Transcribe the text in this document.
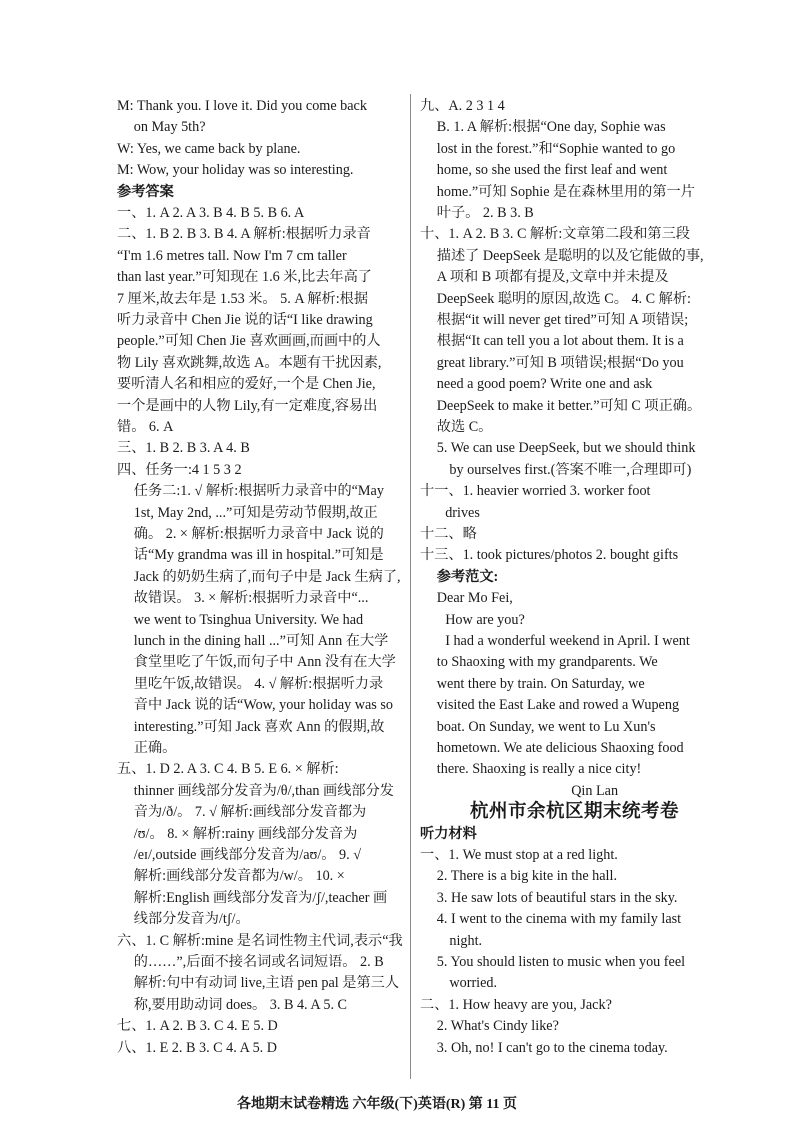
M: Thank you. I love it. Did you come back
on May 5th?
W: Yes, we came back by plane.
M: Wow, your holiday was so interesting.
参考答案
一、1. A 2. A 3. B 4. B 5. B 6. A
二、1. B 2. B 3. B 4. A 解析:根据听力录音
“I'm 1.6 metres tall. Now I'm 7 cm taller
than last year.”可知现在 1.6 米,比去年高了
7 厘米,故去年是 1.53 米。 5. A 解析:根据
听力录音中 Chen Jie 说的话“I like drawing
people.”可知 Chen Jie 喜欢画画,而画中的人
物 Lily 喜欢跳舞,故选 A。本题有干扰因素,
要听清人名和相应的爱好,一个是 Chen Jie,
一个是画中的人物 Lily,有一定难度,容易出
错。 6. A
三、1. B 2. B 3. A 4. B
四、任务一:4 1 5 3 2
任务二:1. √ 解析:根据听力录音中的“May
1st, May 2nd, ...”可知是劳动节假期,故正
确。 2. × 解析:根据听力录音中 Jack 说的
话“My grandma was ill in hospital.”可知是
Jack 的奶奶生病了,而句子中是 Jack 生病了,
故错误。 3. × 解析:根据听力录音中“...
we went to Tsinghua University. We had
lunch in the dining hall ...”可知 Ann 在大学
食堂里吃了午饭,而句子中 Ann 没有在大学
里吃午饭,故错误。 4. √ 解析:根据听力录
音中 Jack 说的话“Wow, your holiday was so
interesting.”可知 Jack 喜欢 Ann 的假期,故
正确。
五、1. D 2. A 3. C 4. B 5. E 6. × 解析:
thinner 画线部分发音为/θ/,than 画线部分发
音为/ð/。 7. √ 解析:画线部分发音都为
/ʊ/。 8. × 解析:rainy 画线部分发音为
/eɪ/,outside 画线部分发音为/aʊ/。 9. √
解析:画线部分发音都为/w/。 10. ×
解析:English 画线部分发音为/ʃ/,teacher 画
线部分发音为/tʃ/。
六、1. C 解析:mine 是名词性物主代词,表示“我
的……”,后面不接名词或名词短语。 2. B
解析:句中有动词 live,主语 pen pal 是第三人
称,要用助动词 does。 3. B 4. A 5. C
七、1. A 2. B 3. C 4. E 5. D
八、1. E 2. B 3. C 4. A 5. D
九、A. 2 3 1 4
B. 1. A 解析:根据“One day, Sophie was
lost in the forest.”和“Sophie wanted to go
home, so she used the first leaf and went
home.”可知 Sophie 是在森林里用的第一片
叶子。 2. B 3. B
十、1. A 2. B 3. C 解析:文章第二段和第三段
描述了 DeepSeek 是聪明的以及它能做的事,
A 项和 B 项都有提及,文章中并未提及
DeepSeek 聪明的原因,故选 C。 4. C 解析:
根据“it will never get tired”可知 A 项错误;
根据“It can tell you a lot about them. It is a
great library.”可知 B 项错误;根据“Do you
need a good poem? Write one and ask
DeepSeek to make it better.”可知 C 项正确。
故选 C。
5. We can use DeepSeek, but we should think
by ourselves first.(答案不唯一,合理即可)
十一、1. heavier worried 3. worker foot
drives
十二、略
十三、1. took pictures/photos 2. bought gifts
参考范文:
Dear Mo Fei,
How are you?
I had a wonderful weekend in April. I went
to Shaoxing with my grandparents. We
went there by train. On Saturday, we
visited the East Lake and rowed a Wupeng
boat. On Sunday, we went to Lu Xun's
hometown. We ate delicious Shaoxing food
there. Shaoxing is really a nice city!
Qin Lan
杭州市余杭区期末统考卷
听力材料
一、1. We must stop at a red light.
2. There is a big kite in the hall.
3. He saw lots of beautiful stars in the sky.
4. I went to the cinema with my family last
night.
5. You should listen to music when you feel
worried.
二、1. How heavy are you, Jack?
2. What's Cindy like?
3. Oh, no! I can't go to the cinema today.
各地期末试卷精选 六年级(下)英语(R) 第 11 页
